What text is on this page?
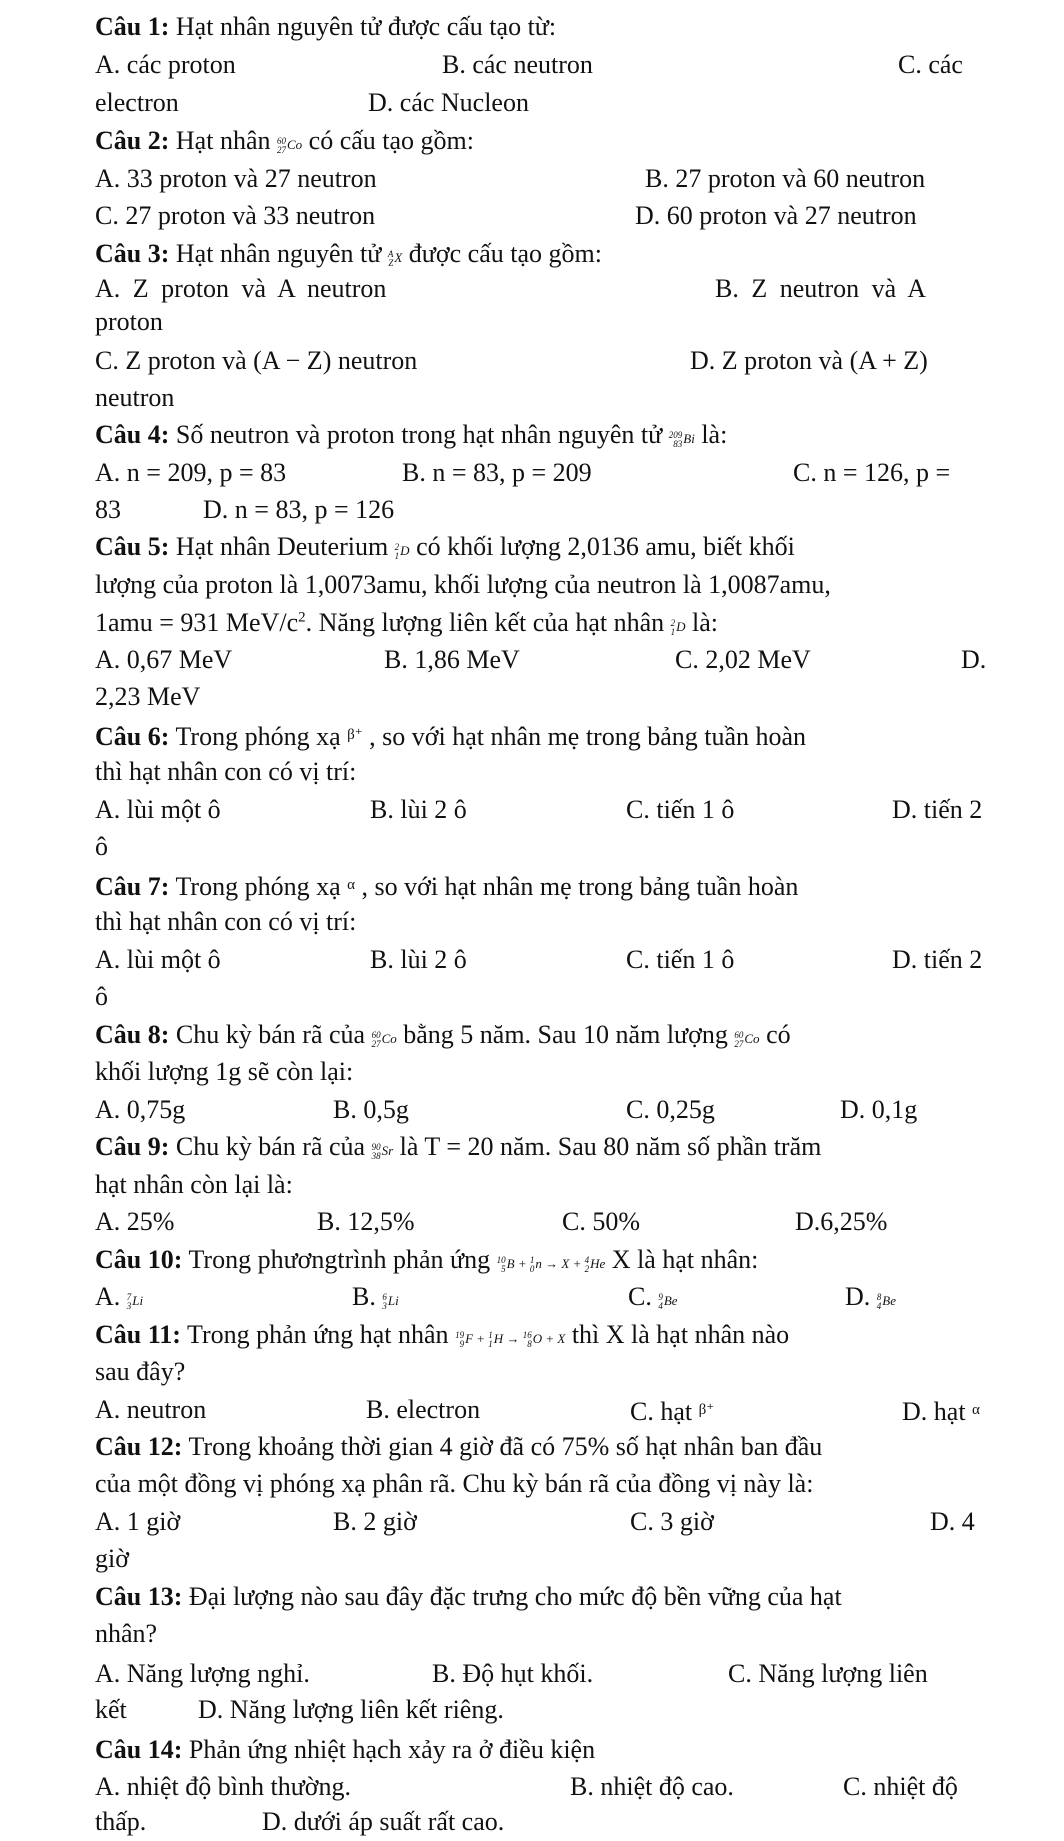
Câu 1: Hạt nhân nguyên tử được cấu tạo từ:
A. các proton	B. các neutron	C. các
electron	D. các Nucleon
Câu 2: Hạt nhân 60
27 Co có cấu tạo gồm:
A. 33 proton và 27 neutron	B. 27 proton và 60 neutron
C. 27 proton và 33 neutron	D. 60 proton và 27 neutron
Câu 3: Hạt nhân nguyên tử A
Z X được cấu tạo gồm:
A. Z proton và A neutron	B. Z neutron và A
proton
C. Z proton và (A − Z) neutron	D. Z proton và (A + Z)
neutron
Câu 4: Số neutron và proton trong hạt nhân nguyên tử 209
83 Bi là:
A. n = 209, p = 83	B. n = 83, p = 209	C. n = 126, p =
83	D. n = 83, p = 126
Câu 5: Hạt nhân Deuterium 2
1 D có khối lượng 2,0136 amu, biết khối
lượng của proton là 1,0073amu, khối lượng của neutron là 1,0087amu,
1amu = 931 MeV/$c^2$. Năng lượng liên kết của hạt nhân 2
1 D là:
A. 0,67 MeV	B. 1,86 MeV	C. 2,02 MeV	D.
2,23 MeV
Câu 6: Trong phóng xạ $^{\beta^+}$ , so với hạt nhân mẹ trong bảng tuần hoàn
thì hạt nhân con có vị trí:
A. lùi một ô	B. lùi 2 ô	C. tiến 1 ô	D. tiến 2
ô
Câu 7: Trong phóng xạ $^\alpha$ , so với hạt nhân mẹ trong bảng tuần hoàn
thì hạt nhân con có vị trí:
A. lùi một ô	B. lùi 2 ô	C. tiến 1 ô	D. tiến 2
ô
Câu 8: Chu kỳ bán rã của 60
27 Co bằng 5 năm. Sau 10 năm lượng 60
27 Co có
khối lượng 1g sẽ còn lại:
A. 0,75g	B. 0,5g	C. 0,25g	D. 0,1g
Câu 9: Chu kỳ bán rã của 90
38 Sr là T = 20 năm. Sau 80 năm số phần trăm
hạt nhân còn lại là:
A. 25%	B. 12,5%	C. 50%	D.6,25%
Câu 10: Trong phươngtrình phản ứng 10
5 B + 1
0 n → X + 4
2 He X là hạt nhân:
A. 7
3 Li	B. 6
3 Li	C. 9
4 Be	D. 8
4 Be
Câu 11: Trong phản ứng hạt nhân 19
9 F + 1
1 H → 16
8 O + X thì X là hạt nhân nào
sau đây?
A. neutron	B. electron	C. hạt $^{\beta^+}$	D. hạt $^\alpha$
Câu 12: Trong khoảng thời gian 4 giờ đã có 75% số hạt nhân ban đầu
của một đồng vị phóng xạ phân rã. Chu kỳ bán rã của đồng vị này là:
A. 1 giờ	B. 2 giờ	C. 3 giờ	D. 4
giờ
Câu 13: Đại lượng nào sau đây đặc trưng cho mức độ bền vững của hạt
nhân?
A. Năng lượng nghỉ.	B. Độ hụt khối.	C. Năng lượng liên
kết	D. Năng lượng liên kết riêng.
Câu 14: Phản ứng nhiệt hạch xảy ra ở điều kiện
A. nhiệt độ bình thường.	B. nhiệt độ cao.	C. nhiệt độ
thấp.	D. dưới áp suất rất cao.
